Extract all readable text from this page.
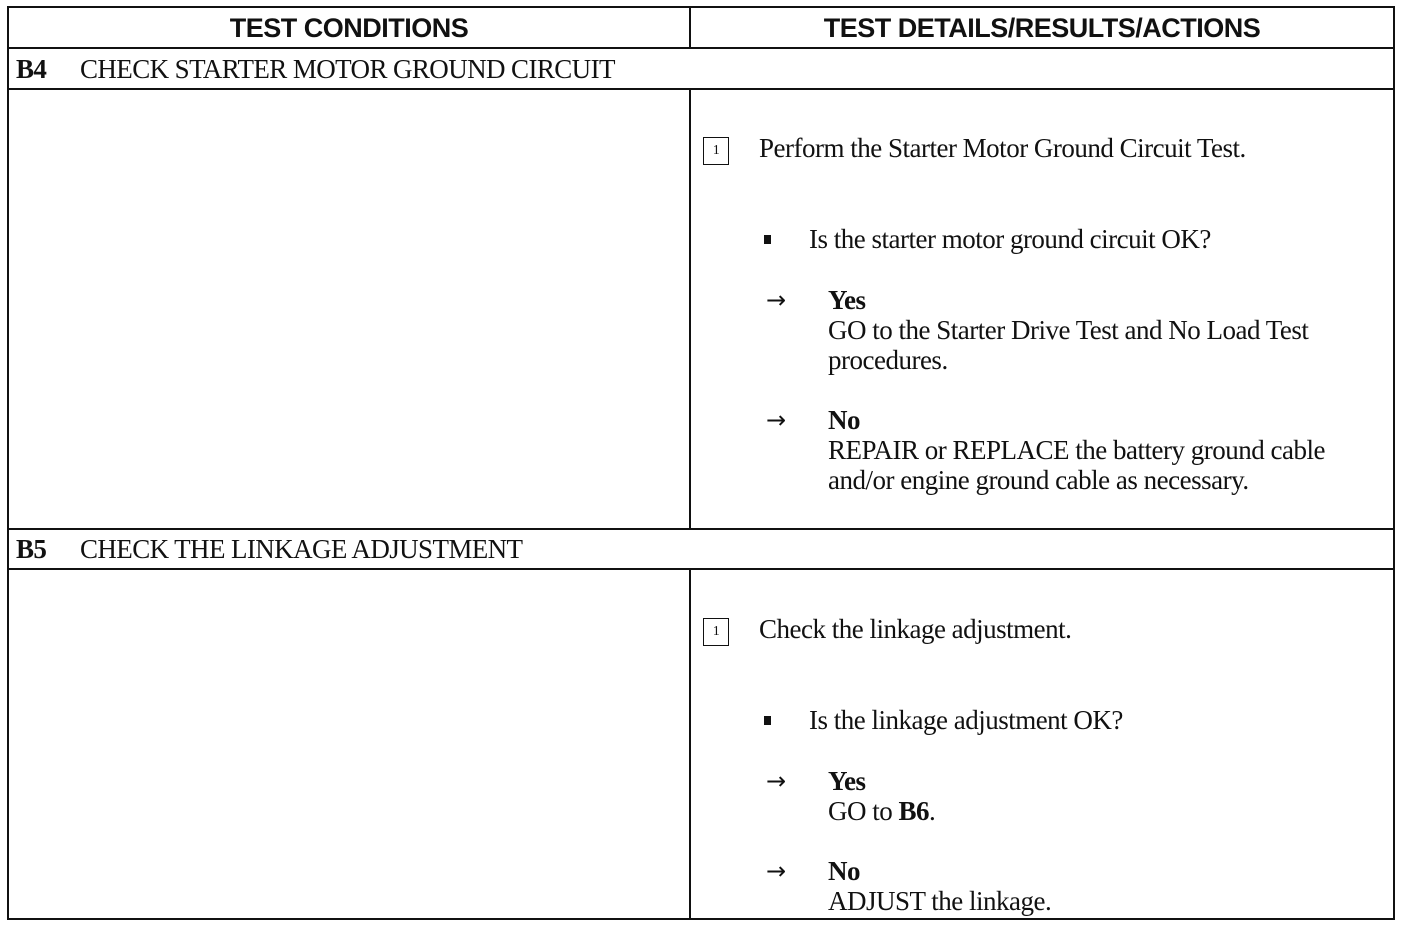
TEST CONDITIONS	TEST DETAILS/RESULTS/ACTIONS
B4	CHECK STARTER MOTOR GROUND CIRCUIT
1	Perform the Starter Motor Ground Circuit Test.
Is the starter motor ground circuit OK?
→	Yes
GO to the Starter Drive Test and No Load Test procedures.
→	No
REPAIR or REPLACE the battery ground cable and/or engine ground cable as necessary.
B5	CHECK THE LINKAGE ADJUSTMENT
1	Check the linkage adjustment.
Is the linkage adjustment OK?
→	Yes
GO to B6.
→	No
ADJUST the linkage.
